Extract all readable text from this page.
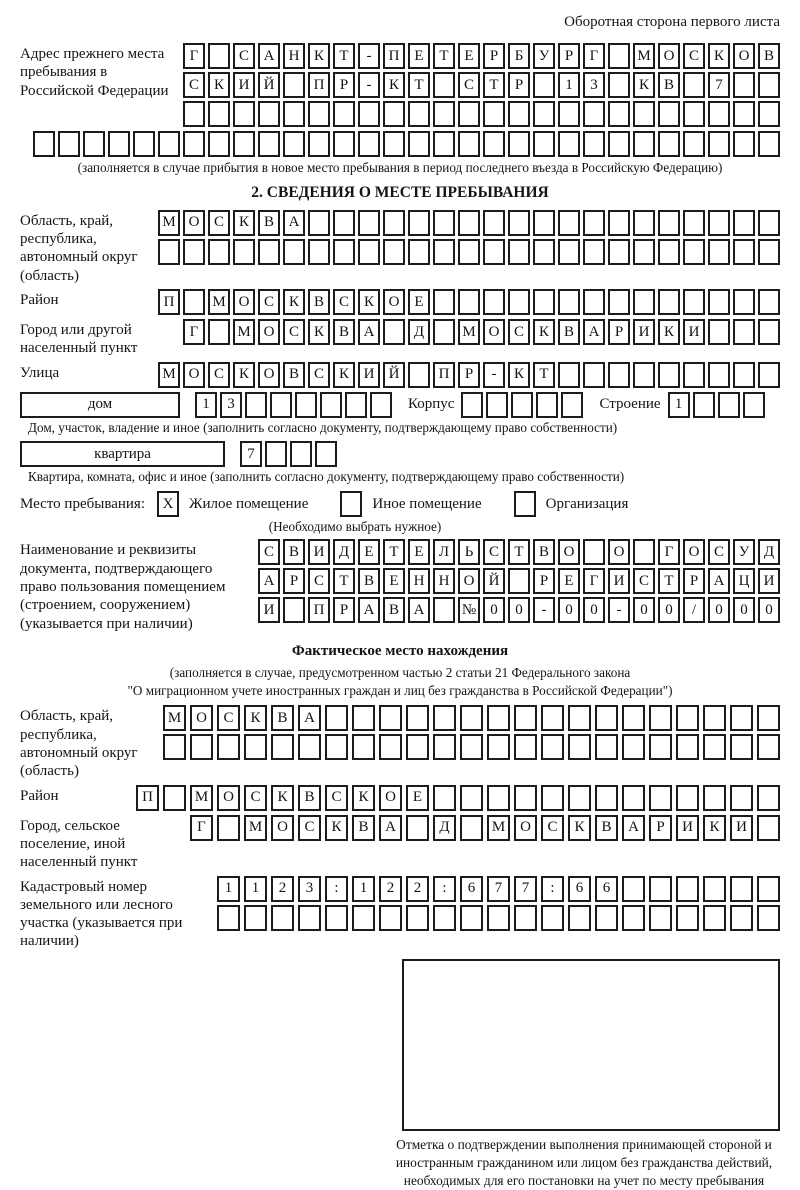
Оборотная сторона первого листа
Адрес прежнего места пребывания в Российской Федерации
Г	С А Н К	Т	-	П Е	Т	Е	Р	Б	У	Р	Г	М О С К О В
С К И Й	П	Р	-	К	Т	С	Т	Р	1	3	К В	7
(заполняется в случае прибытия в новое место пребывания в период последнего въезда в Российскую Федерацию)
2. СВЕДЕНИЯ О МЕСТЕ ПРЕБЫВАНИЯ
Область, край, республика, автономный округ (область)
М О С К В А
Район	П	М О С К В С К О Е
Город или другой населенный пункт
Г	М О С К В А	Д	М О С К В А	Р	И К И
Улица	М О С К О В С К И Й	П	Р	-	К	Т
дом	1	3	Корпус	Строение 1
Дом, участок, владение и иное (заполнить согласно документу, подтверждающему право собственности)
квартира	7
Квартира, комната, офис и иное (заполнить согласно документу, подтверждающему право собственности)
Место пребывания:	X	Жилое помещение	Иное помещение	Организация
(Необходимо выбрать нужное)
Наименование и реквизиты документа, подтверждающего право пользования помещением (строением, сооружением) (указывается при наличии)
С В И Д	Е	Т	Е	Л	Ь	С	Т	В О	О	Г	О С У Д
А	Р	С	Т	В	Е	Н Н О Й	Р	Е	Г	И С	Т	Р	А Ц И
И	П	Р	А В А	№ 0	0	-	0	0	-	0	0	/	0	0	0
Фактическое место нахождения
(заполняется в случае, предусмотренном частью 2 статьи 21 Федерального закона
"О миграционном учете иностранных граждан и лиц без гражданства в Российской Федерации")
Область, край, республика, автономный округ (область)
М О	С	К	В	А
Район	П	М О	С	К	В	С	К	О	Е
Город, сельское поселение, иной населенный пункт
Г	М О	С	К	В	А	Д	М О	С	К	В	А	Р	И	К	И
Кадастровый номер земельного или лесного участка (указывается при наличии)
1	1	2	3	:	1	2	2	:	6	7	7	:	6	6
Отметка о подтверждении выполнения принимающей стороной и иностранным гражданином или лицом без гражданства действий, необходимых для его постановки на учет по месту пребывания
